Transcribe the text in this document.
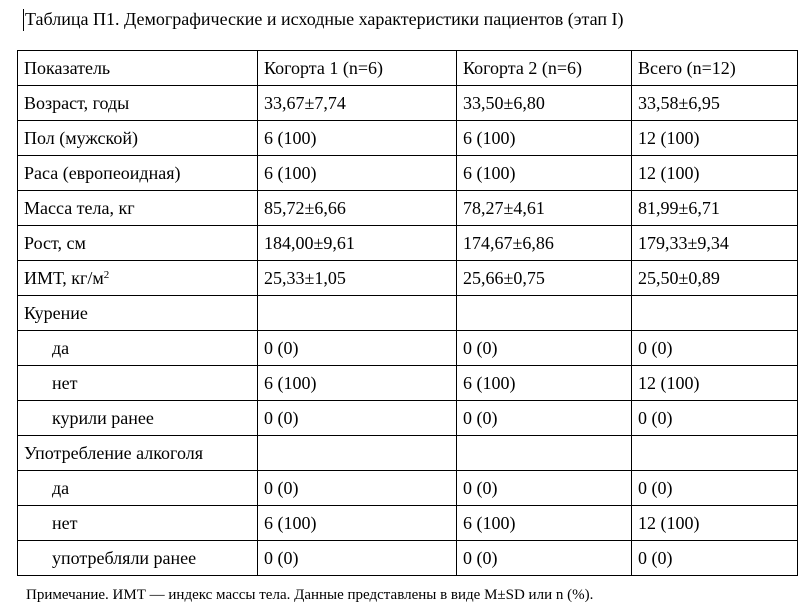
Таблица П1. Демографические и исходные характеристики пациентов (этап I)
Показатель	Когорта 1 (n=6)	Когорта 2 (n=6)	Всего (n=12)
Возраст, годы	33,67±7,74	33,50±6,80	33,58±6,95
Пол (мужской)	6 (100)	6 (100)	12 (100)
Раса (европеоидная)	6 (100)	6 (100)	12 (100)
Масса тела, кг	85,72±6,66	78,27±4,61	81,99±6,71
Рост, см	184,00±9,61	174,67±6,86	179,33±9,34
ИМТ, $кг/м^2$	25,33±1,05	25,66±0,75	25,50±0,89
Курение			
да	0 (0)	0 (0)	0 (0)
нет	6 (100)	6 (100)	12 (100)
курили ранее	0 (0)	0 (0)	0 (0)
Употребление алкоголя			
да	0 (0)	0 (0)	0 (0)
нет	6 (100)	6 (100)	12 (100)
употребляли ранее	0 (0)	0 (0)	0 (0)
Примечание. ИМТ — индекс массы тела. Данные представлены в виде M±SD или n (%).
